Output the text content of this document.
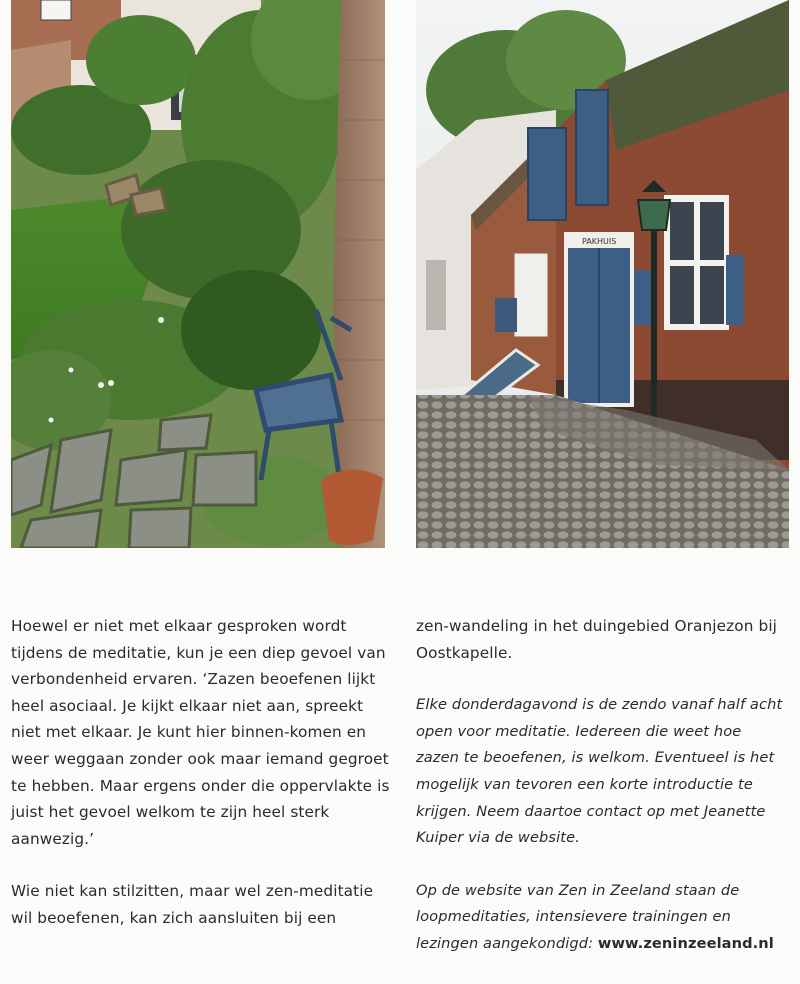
PAKHUIS

Hoewel er niet met elkaar gesproken wordt tijdens de meditatie, kun je een diep gevoel van verbondenheid ervaren. ‘Zazen beoefenen lijkt heel asociaal. Je kijkt elkaar niet aan, spreekt niet met elkaar. Je kunt hier binnen-komen en weer weggaan zonder ook maar iemand gegroet te hebben. Maar ergens onder die oppervlakte is juist het gevoel welkom te zijn heel sterk aanwezig.’

Wie niet kan stilzitten, maar wel zen-meditatie wil beoefenen, kan zich aansluiten bij een

zen-wandeling in het duingebied Oranjezon bij Oostkapelle.

Elke donderdagavond is de zendo vanaf half acht open voor meditatie. Iedereen die weet hoe zazen te beoefenen, is welkom. Eventueel is het mogelijk van tevoren een korte introductie te krijgen. Neem daartoe contact op met Jeanette Kuiper via de website.

Op de website van Zen in Zeeland staan de loopmeditaties, intensievere trainingen en lezingen aangekondigd: www.zeninzeeland.nl
